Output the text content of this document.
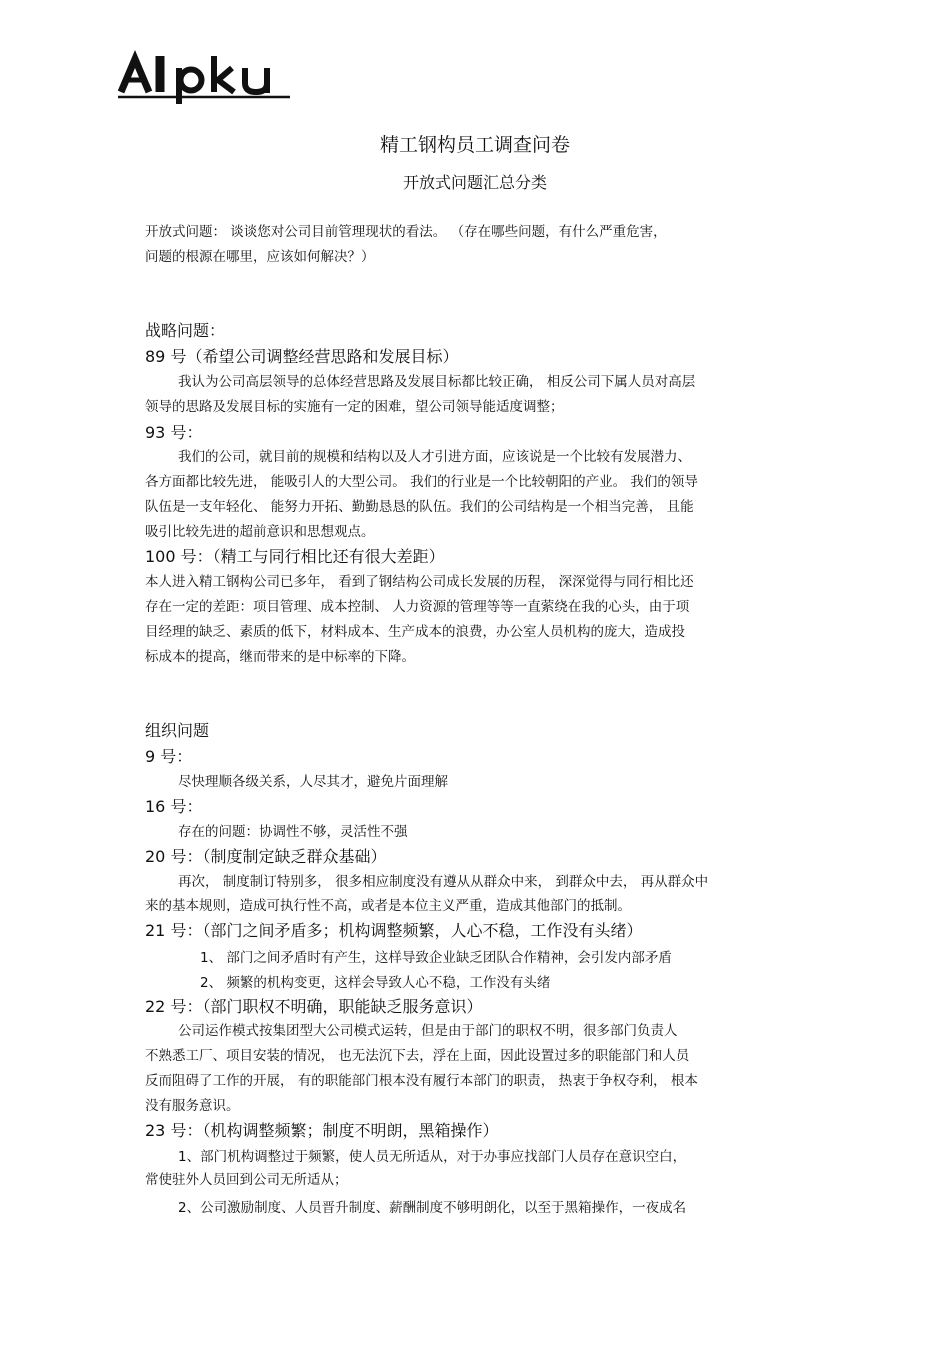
精工钢构员工调查问卷
开放式问题汇总分类
开放式问题： 谈谈您对公司目前管理现状的看法。 （存在哪些问题，有什么严重危害，
问题的根源在哪里，应该如何解决？）
战略问题：
89 号（希望公司调整经营思路和发展目标）
我认为公司高层领导的总体经营思路及发展目标都比较正确， 相反公司下属人员对高层
领导的思路及发展目标的实施有一定的困难，望公司领导能适度调整；
93 号：
我们的公司，就目前的规模和结构以及人才引进方面，应该说是一个比较有发展潜力、
各方面都比较先进， 能吸引人的大型公司。 我们的行业是一个比较朝阳的产业。 我们的领导
队伍是一支年轻化、 能努力开拓、勤勤恳恳的队伍。我们的公司结构是一个相当完善， 且能
吸引比较先进的超前意识和思想观点。
100 号：（精工与同行相比还有很大差距）
本人进入精工钢构公司已多年， 看到了钢结构公司成长发展的历程， 深深觉得与同行相比还
存在一定的差距：项目管理、成本控制、 人力资源的管理等等一直萦绕在我的心头，由于项
目经理的缺乏、素质的低下，材料成本、生产成本的浪费，办公室人员机构的庞大，造成投
标成本的提高，继而带来的是中标率的下降。
组织问题
9 号：
尽快理顺各级关系，人尽其才，避免片面理解
16 号：
存在的问题：协调性不够，灵活性不强
20 号：（制度制定缺乏群众基础）
再次， 制度制订特别多， 很多相应制度没有遵从从群众中来， 到群众中去， 再从群众中
来的基本规则，造成可执行性不高，或者是本位主义严重，造成其他部门的抵制。
21 号：（部门之间矛盾多；机构调整频繁，人心不稳，工作没有头绪）
1、 部门之间矛盾时有产生，这样导致企业缺乏团队合作精神，会引发内部矛盾
2、 频繁的机构变更，这样会导致人心不稳，工作没有头绪
22 号：（部门职权不明确，职能缺乏服务意识）
公司运作模式按集团型大公司模式运转，但是由于部门的职权不明，很多部门负责人
不熟悉工厂、项目安装的情况， 也无法沉下去，浮在上面，因此设置过多的职能部门和人员
反而阻碍了工作的开展， 有的职能部门根本没有履行本部门的职责， 热衷于争权夺利， 根本
没有服务意识。
23 号：（机构调整频繁；制度不明朗，黑箱操作）
1、部门机构调整过于频繁，使人员无所适从，对于办事应找部门人员存在意识空白，
常使驻外人员回到公司无所适从；
2、公司激励制度、人员晋升制度、薪酬制度不够明朗化，以至于黑箱操作，一夜成名
